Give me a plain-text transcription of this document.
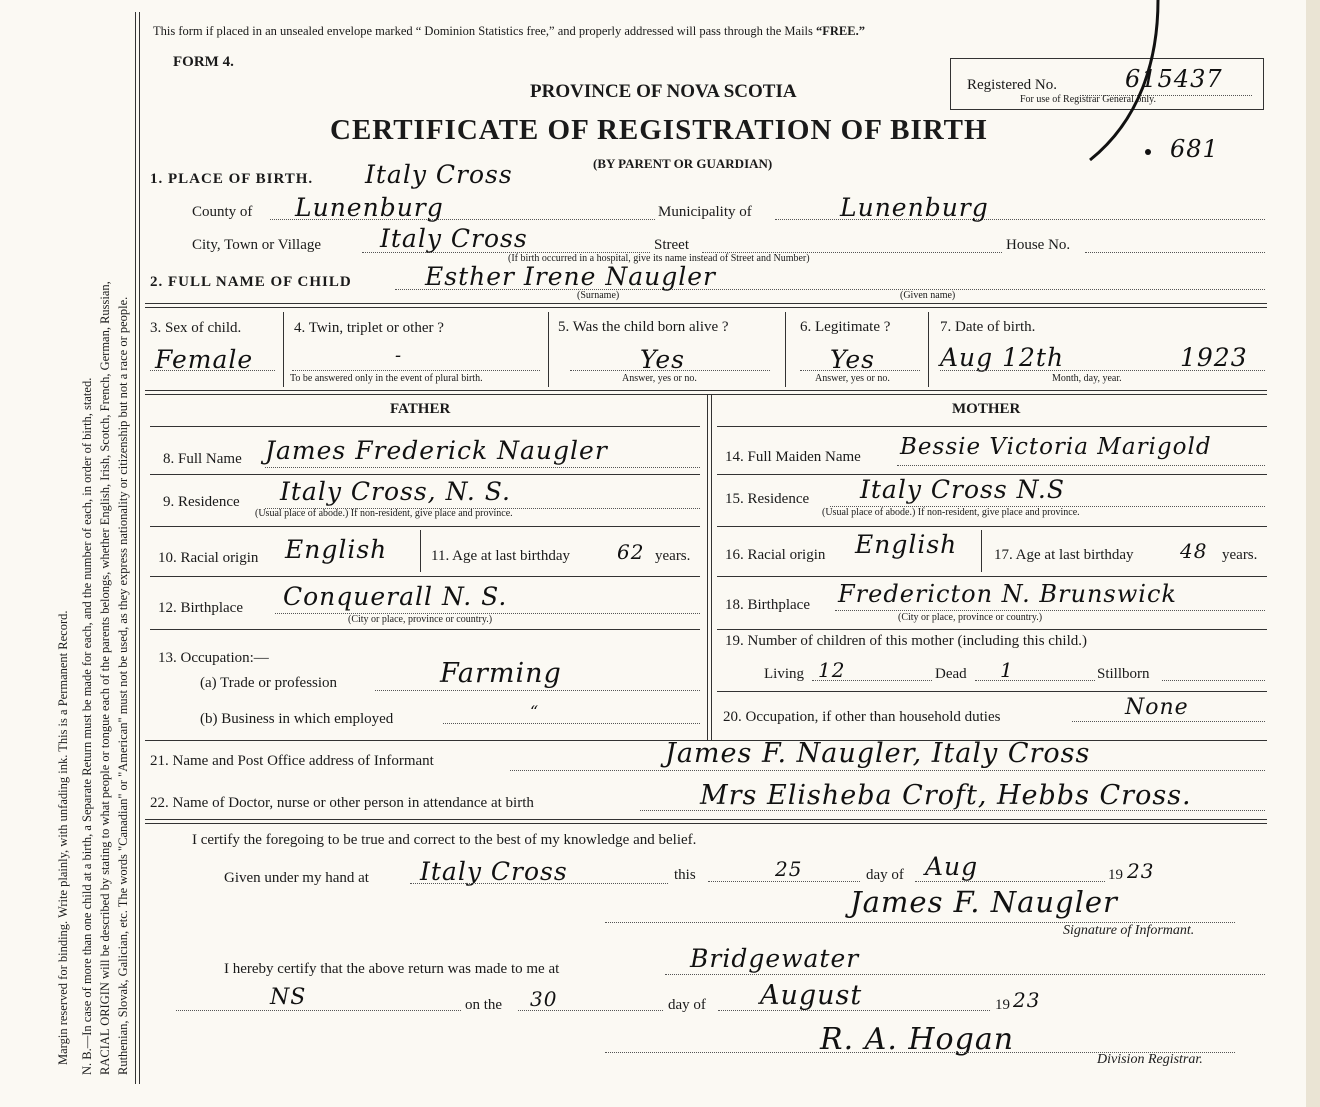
Margin reserved for binding. Write plainly, with unfading ink. This is a Permanent Record. N. B.—In case of more than one child at a birth, a Separate Return must be made for each, and the number of each, in order of birth, stated. RACIAL ORIGIN will be described by stating to what people or tongue each of the parents belongs, whether English, Irish, Scotch, French, German, Russian, Ruthenian, Slovak, Galician, etc. The words "Canadian" or "American" must not be used, as they express nationality or citizenship but not a race or people.
This form if placed in an unsealed envelope marked “ Dominion Statistics free,” and properly addressed will pass through the Mails “FREE.”
FORM 4.
PROVINCE OF NOVA SCOTIA
CERTIFICATE OF REGISTRATION OF BIRTH
(BY PARENT OR GUARDIAN)
Registered No.	615437
For use of Registrar General only.
681
1. PLACE OF BIRTH. Italy Cross
County of Lunenburg	Municipality of	Lunenburg
City, Town or Village Italy Cross	Street	House No.
(If birth occurred in a hospital, give its name instead of Street and Number)
2. FULL NAME OF CHILD	Esther Irene Naugler
(Surname)	(Given name)
3. Sex of child.
Female
4. Twin, triplet or other ?
-
To be answered only in the event of plural birth.
5. Was the child born alive ?
Yes
Answer, yes or no.
6. Legitimate ?
Yes
Answer, yes or no.
7. Date of birth.
Aug 12th	1923
Month, day, year.
FATHER	MOTHER
8. Full Name James Frederick Naugler
9. Residence Italy Cross, N. S.
(Usual place of abode.) If non-resident, give place and province.
10. Racial origin English	11. Age at last birthday 62 years.
12. Birthplace Conquerall N. S.
(City or place, province or country.)
13. Occupation:—
(a) Trade or profession	Farming
(b) Business in which employed	“
14. Full Maiden Name Bessie Victoria Marigold
15. Residence Italy Cross N.S
(Usual place of abode.) If non-resident, give place and province.
16. Racial origin English 17. Age at last birthday 48 years.
18. Birthplace Fredericton N. Brunswick
(City or place, province or country.)
19. Number of children of this mother (including this child.)
Living 12	Dead 1	Stillborn
20. Occupation, if other than household duties	None
21. Name and Post Office address of Informant	James F. Naugler, Italy Cross
22. Name of Doctor, nurse or other person in attendance at birth	Mrs Elisheba Croft, Hebbs Cross.
I certify the foregoing to be true and correct to the best of my knowledge and belief.
Given under my hand at Italy Cross	this	25	day of Aug	19 23
James F. Naugler
Signature of Informant.
I hereby certify that the above return was made to me at	Bridgewater
NS	on the 30	day of August	19 23
R. A. Hogan
Division Registrar.
